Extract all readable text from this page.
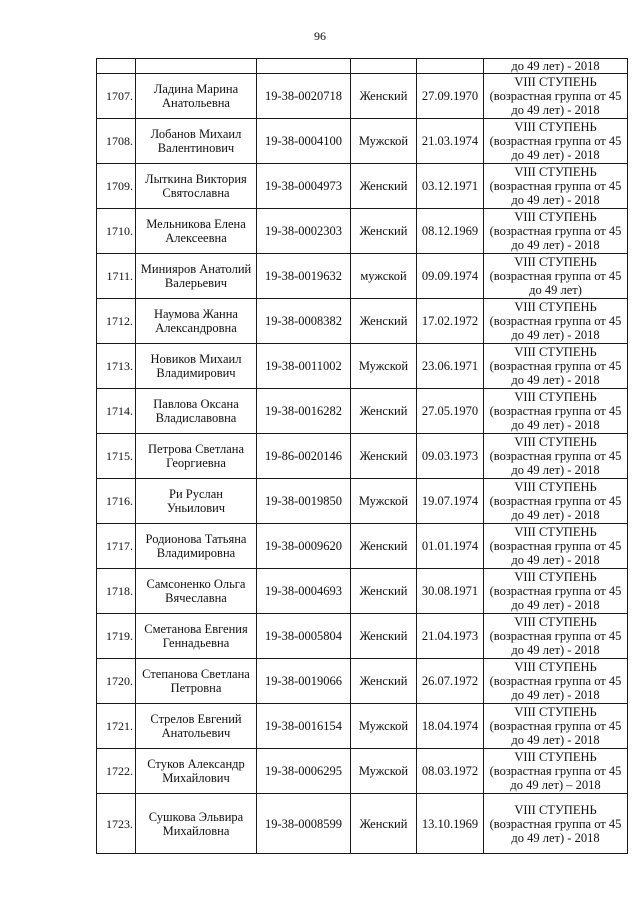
96
					до 49 лет) - 2018
1707.	Ладина Марина Анатольевна	19-38-0020718	Женский	27.09.1970	VIII СТУПЕНЬ (возрастная группа от 45 до 49 лет) - 2018
1708.	Лобанов Михаил Валентинович	19-38-0004100	Мужской	21.03.1974	VIII СТУПЕНЬ (возрастная группа от 45 до 49 лет) - 2018
1709.	Лыткина Виктория Святославна	19-38-0004973	Женский	03.12.1971	VIII СТУПЕНЬ (возрастная группа от 45 до 49 лет) - 2018
1710.	Мельникова Елена Алексеевна	19-38-0002303	Женский	08.12.1969	VIII СТУПЕНЬ (возрастная группа от 45 до 49 лет) - 2018
1711.	Минияров Анатолий Валерьевич	19-38-0019632	мужской	09.09.1974	VIII СТУПЕНЬ (возрастная группа от 45 до 49 лет)
1712.	Наумова Жанна Александровна	19-38-0008382	Женский	17.02.1972	VIII СТУПЕНЬ (возрастная группа от 45 до 49 лет) - 2018
1713.	Новиков Михаил Владимирович	19-38-0011002	Мужской	23.06.1971	VIII СТУПЕНЬ (возрастная группа от 45 до 49 лет) - 2018
1714.	Павлова Оксана Владиславовна	19-38-0016282	Женский	27.05.1970	VIII СТУПЕНЬ (возрастная группа от 45 до 49 лет) - 2018
1715.	Петрова Светлана Георгиевна	19-86-0020146	Женский	09.03.1973	VIII СТУПЕНЬ (возрастная группа от 45 до 49 лет) - 2018
1716.	Ри Руслан Уньилович	19-38-0019850	Мужской	19.07.1974	VIII СТУПЕНЬ (возрастная группа от 45 до 49 лет) - 2018
1717.	Родионова Татьяна Владимировна	19-38-0009620	Женский	01.01.1974	VIII СТУПЕНЬ (возрастная группа от 45 до 49 лет) - 2018
1718.	Самсоненко Ольга Вячеславна	19-38-0004693	Женский	30.08.1971	VIII СТУПЕНЬ (возрастная группа от 45 до 49 лет) - 2018
1719.	Сметанова Евгения Геннадьевна	19-38-0005804	Женский	21.04.1973	VIII СТУПЕНЬ (возрастная группа от 45 до 49 лет) - 2018
1720.	Степанова Светлана Петровна	19-38-0019066	Женский	26.07.1972	VIII СТУПЕНЬ (возрастная группа от 45 до 49 лет) - 2018
1721.	Стрелов Евгений Анатольевич	19-38-0016154	Мужской	18.04.1974	VIII СТУПЕНЬ (возрастная группа от 45 до 49 лет) - 2018
1722.	Стуков Александр Михайлович	19-38-0006295	Мужской	08.03.1972	VIII СТУПЕНЬ (возрастная группа от 45 до 49 лет) – 2018
1723.	Сушкова Эльвира Михайловна	19-38-0008599	Женский	13.10.1969	VIII СТУПЕНЬ (возрастная группа от 45 до 49 лет) - 2018
